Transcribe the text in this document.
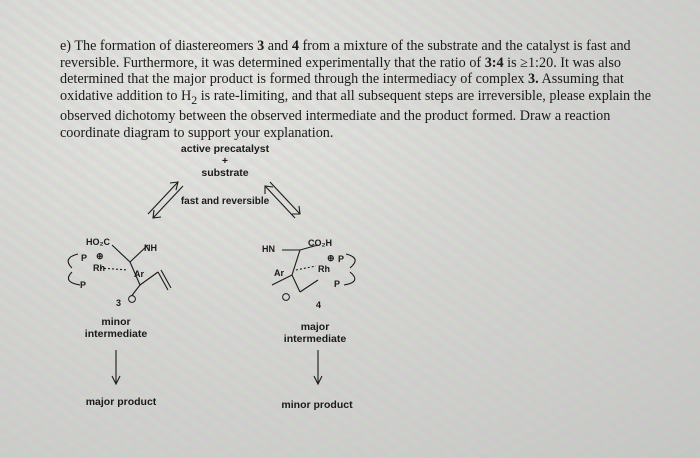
e) The formation of diastereomers 3 and 4 from a mixture of the substrate and the catalyst is fast and reversible. Furthermore, it was determined experimentally that the ratio of 3:4 is ≥1:20. It was also determined that the major product is formed through the intermediacy of complex 3. Assuming that oxidative addition to $H_2$ is rate-limiting, and that all subsequent steps are irreversible, please explain the observed dichotomy between the observed intermediate and the product formed. Draw a reaction coordinate diagram to support your explanation.

active precatalyst
+
substrate
fast and reversible
HO₂C
NH
P ⊕
Rh
Ar
P
3
HN
CO₂H
Ar
⊕ P
Rh
P
4
minor
intermediate
major
intermediate
major product	minor product
